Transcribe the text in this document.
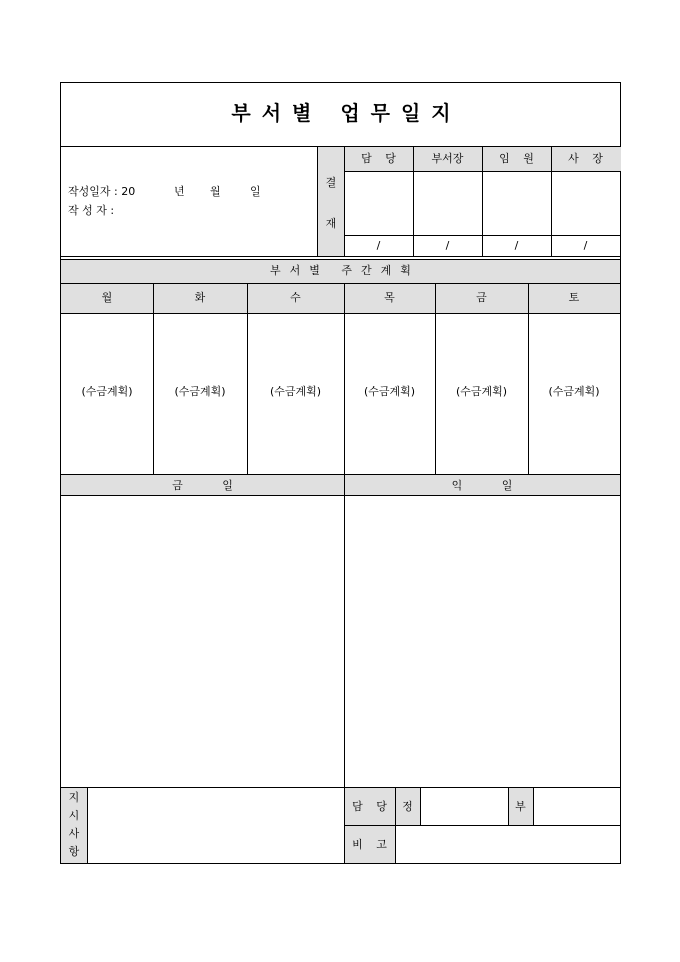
부서별 업무일지
작성일자 : 20	년 월	일
작 성 자 :
결
재
담 당	부서장	임 원	사 장
/	/	/	/
부서별 주간계획
월	화	수	목	금	토
(수금계획)	(수금계획)	(수금계획)	(수금계획)	(수금계획)	(수금계획)
금 일	익 일
지
시
사
항
담 당 정	부
비 고
